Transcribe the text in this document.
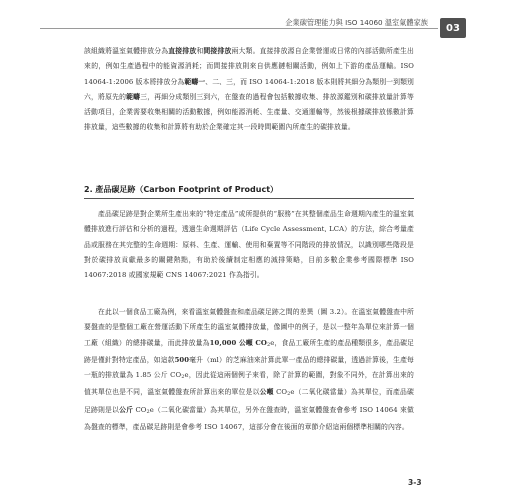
企業碳管理能力與 ISO 14060 溫室氣體家族	03

該組織將溫室氣體排放分為直接排放和間接排放兩大類。直接排放源自企業營運或日常的內部活動所產生出來的，例如生產過程中的能資源消耗；而間接排放則來自供應鏈相關活動，例如上下游的產品運輸。ISO 14064-1:2006 版本將排放分為範疇一、二、三，而 ISO 14064-1:2018 版本則將其細分為類別一到類別六，將原先的範疇三，再細分成類別三到六，在盤查的過程會包括數據收集、排放源鑑別和碳排放量計算等活動項目，企業需要收集相關的活動數據，例如能源消耗、生產量、交通運輸等，然後根據碳排放係數計算排放量，這些數據的收集和計算將有助於企業確定其一段時間範圍內所產生的碳排放量。

2. 產品碳足跡（Carbon Footprint of Product）

產品碳足跡是對企業所生產出來的“特定產品”或所提供的“服務”在其整個產品生命週期內產生的溫室氣體排放進行評估和分析的過程，透過生命週期評估（Life Cycle Assessment, LCA）的方法，綜合考量產品或服務在其完整的生命週期：原料、生產、運輸、使用和棄置等不同階段的排放情況，以識別哪些階段是對於碳排放貢獻最多的關鍵熱點，有助於後續制定相應的減排策略，目前多數企業參考國際標準 ISO 14067:2018 或國家規範 CNS 14067:2021 作為指引。

在此以一個食品工廠為例，來看溫室氣體盤查和產品碳足跡之間的差異（圖 3.2）。在溫室氣體盤查中所要盤查的是整個工廠在營運活動下所產生的溫室氣體排放量，像圖中的例子，是以一整年為單位來計算一個工廠（組織）的總排碳量，而此排放量為10,000 公噸 $CO_2e$，食品工廠所生產的產品種類很多，產品碳足跡是僅針對特定產品，如這款500毫升（ml）的芝麻油來計算此單一產品的總排碳量，透過計算後，生產每一瓶的排放量為 1.85 公斤 $CO_2e$，因此從這兩個例子來看，除了計算的範圍，對象不同外，在計算出來的值其單位也是不同，溫室氣體盤查所計算出來的單位是以公噸 $CO_2e$（二氧化碳當量）為其單位，而產品碳足跡則是以公斤 $CO_2e$（二氧化碳當量）為其單位，另外在盤查時，溫室氣體盤查會參考 ISO 14064 來做為盤查的標準，產品碳足跡則是會參考 ISO 14067，這部分會在後面的章節介紹這兩個標準相關的內容。

3-3
